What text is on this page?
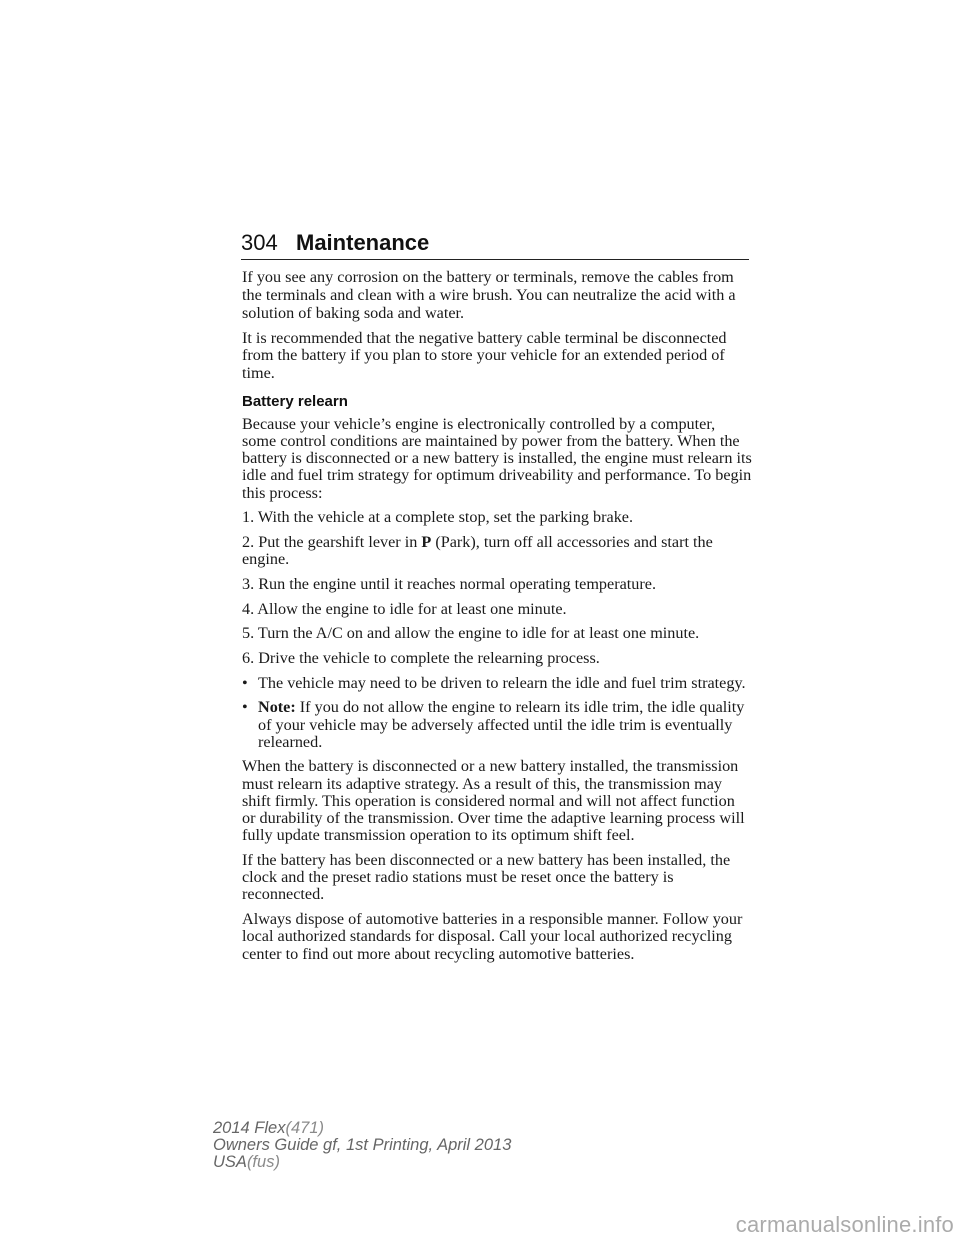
304 Maintenance

If you see any corrosion on the battery or terminals, remove the cables from the terminals and clean with a wire brush. You can neutralize the acid with a solution of baking soda and water.

It is recommended that the negative battery cable terminal be disconnected from the battery if you plan to store your vehicle for an extended period of time.

Battery relearn

Because your vehicle’s engine is electronically controlled by a computer, some control conditions are maintained by power from the battery. When the battery is disconnected or a new battery is installed, the engine must relearn its idle and fuel trim strategy for optimum driveability and performance. To begin this process:

1. With the vehicle at a complete stop, set the parking brake.

2. Put the gearshift lever in P (Park), turn off all accessories and start the engine.

3. Run the engine until it reaches normal operating temperature.

4. Allow the engine to idle for at least one minute.

5. Turn the A/C on and allow the engine to idle for at least one minute.

6. Drive the vehicle to complete the relearning process.

• The vehicle may need to be driven to relearn the idle and fuel trim strategy.
• Note: If you do not allow the engine to relearn its idle trim, the idle quality of your vehicle may be adversely affected until the idle trim is eventually relearned.

When the battery is disconnected or a new battery installed, the transmission must relearn its adaptive strategy. As a result of this, the transmission may shift firmly. This operation is considered normal and will not affect function or durability of the transmission. Over time the adaptive learning process will fully update transmission operation to its optimum shift feel.

If the battery has been disconnected or a new battery has been installed, the clock and the preset radio stations must be reset once the battery is reconnected.

Always dispose of automotive batteries in a responsible manner. Follow your local authorized standards for disposal. Call your local authorized recycling center to find out more about recycling automotive batteries.

2014 Flex(471)
Owners Guide gf, 1st Printing, April 2013
USA(fus)
carmanualsonline.info
